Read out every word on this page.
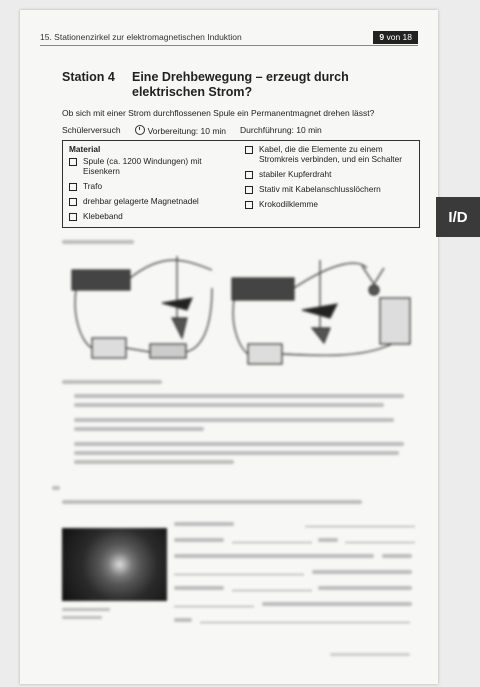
15. Stationenzirkel zur elektromagnetischen Induktion	9 von 18
I/D
Station 4	Eine Drehbewegung – erzeugt durch elektrischen Strom?
Ob sich mit einer Strom durchflossenen Spule ein Permanentmagnet drehen lässt?
Schülerversuch	Vorbereitung: 10 min Durchführung: 10 min
Material
Spule (ca. 1200 Windungen) mit Eisenkern
Trafo
drehbar gelagerte Magnetnadel
Klebeband
Kabel, die die Elemente zu einem Stromkreis verbinden, und ein Schalter
stabiler Kupferdraht
Stativ mit Kabelanschlusslöchern
Krokodilklemme
